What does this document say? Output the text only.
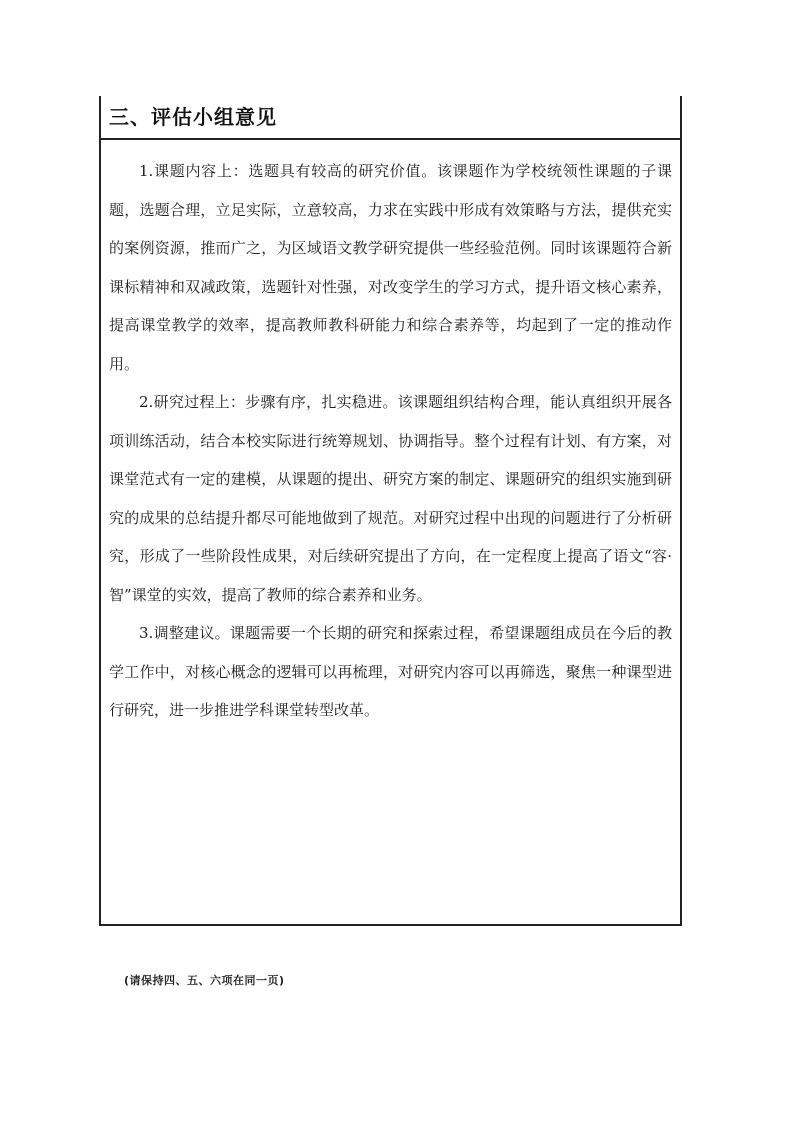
三、评估小组意见

1.课题内容上：选题具有较高的研究价值。该课题作为学校统领性课题的子课题，选题合理，立足实际，立意较高，力求在实践中形成有效策略与方法，提供充实的案例资源，推而广之，为区域语文教学研究提供一些经验范例。同时该课题符合新课标精神和双减政策，选题针对性强，对改变学生的学习方式，提升语文核心素养，提高课堂教学的效率，提高教师教科研能力和综合素养等，均起到了一定的推动作用。

2.研究过程上：步骤有序，扎实稳进。该课题组织结构合理，能认真组织开展各项训练活动，结合本校实际进行统筹规划、协调指导。整个过程有计划、有方案，对课堂范式有一定的建模，从课题的提出、研究方案的制定、课题研究的组织实施到研究的成果的总结提升都尽可能地做到了规范。对研究过程中出现的问题进行了分析研究，形成了一些阶段性成果，对后续研究提出了方向，在一定程度上提高了语文“容·智”课堂的实效，提高了教师的综合素养和业务。

3.调整建议。课题需要一个长期的研究和探索过程，希望课题组成员在今后的教学工作中，对核心概念的逻辑可以再梳理，对研究内容可以再筛选，聚焦一种课型进行研究，进一步推进学科课堂转型改革。

(请保持四、五、六项在同一页)
